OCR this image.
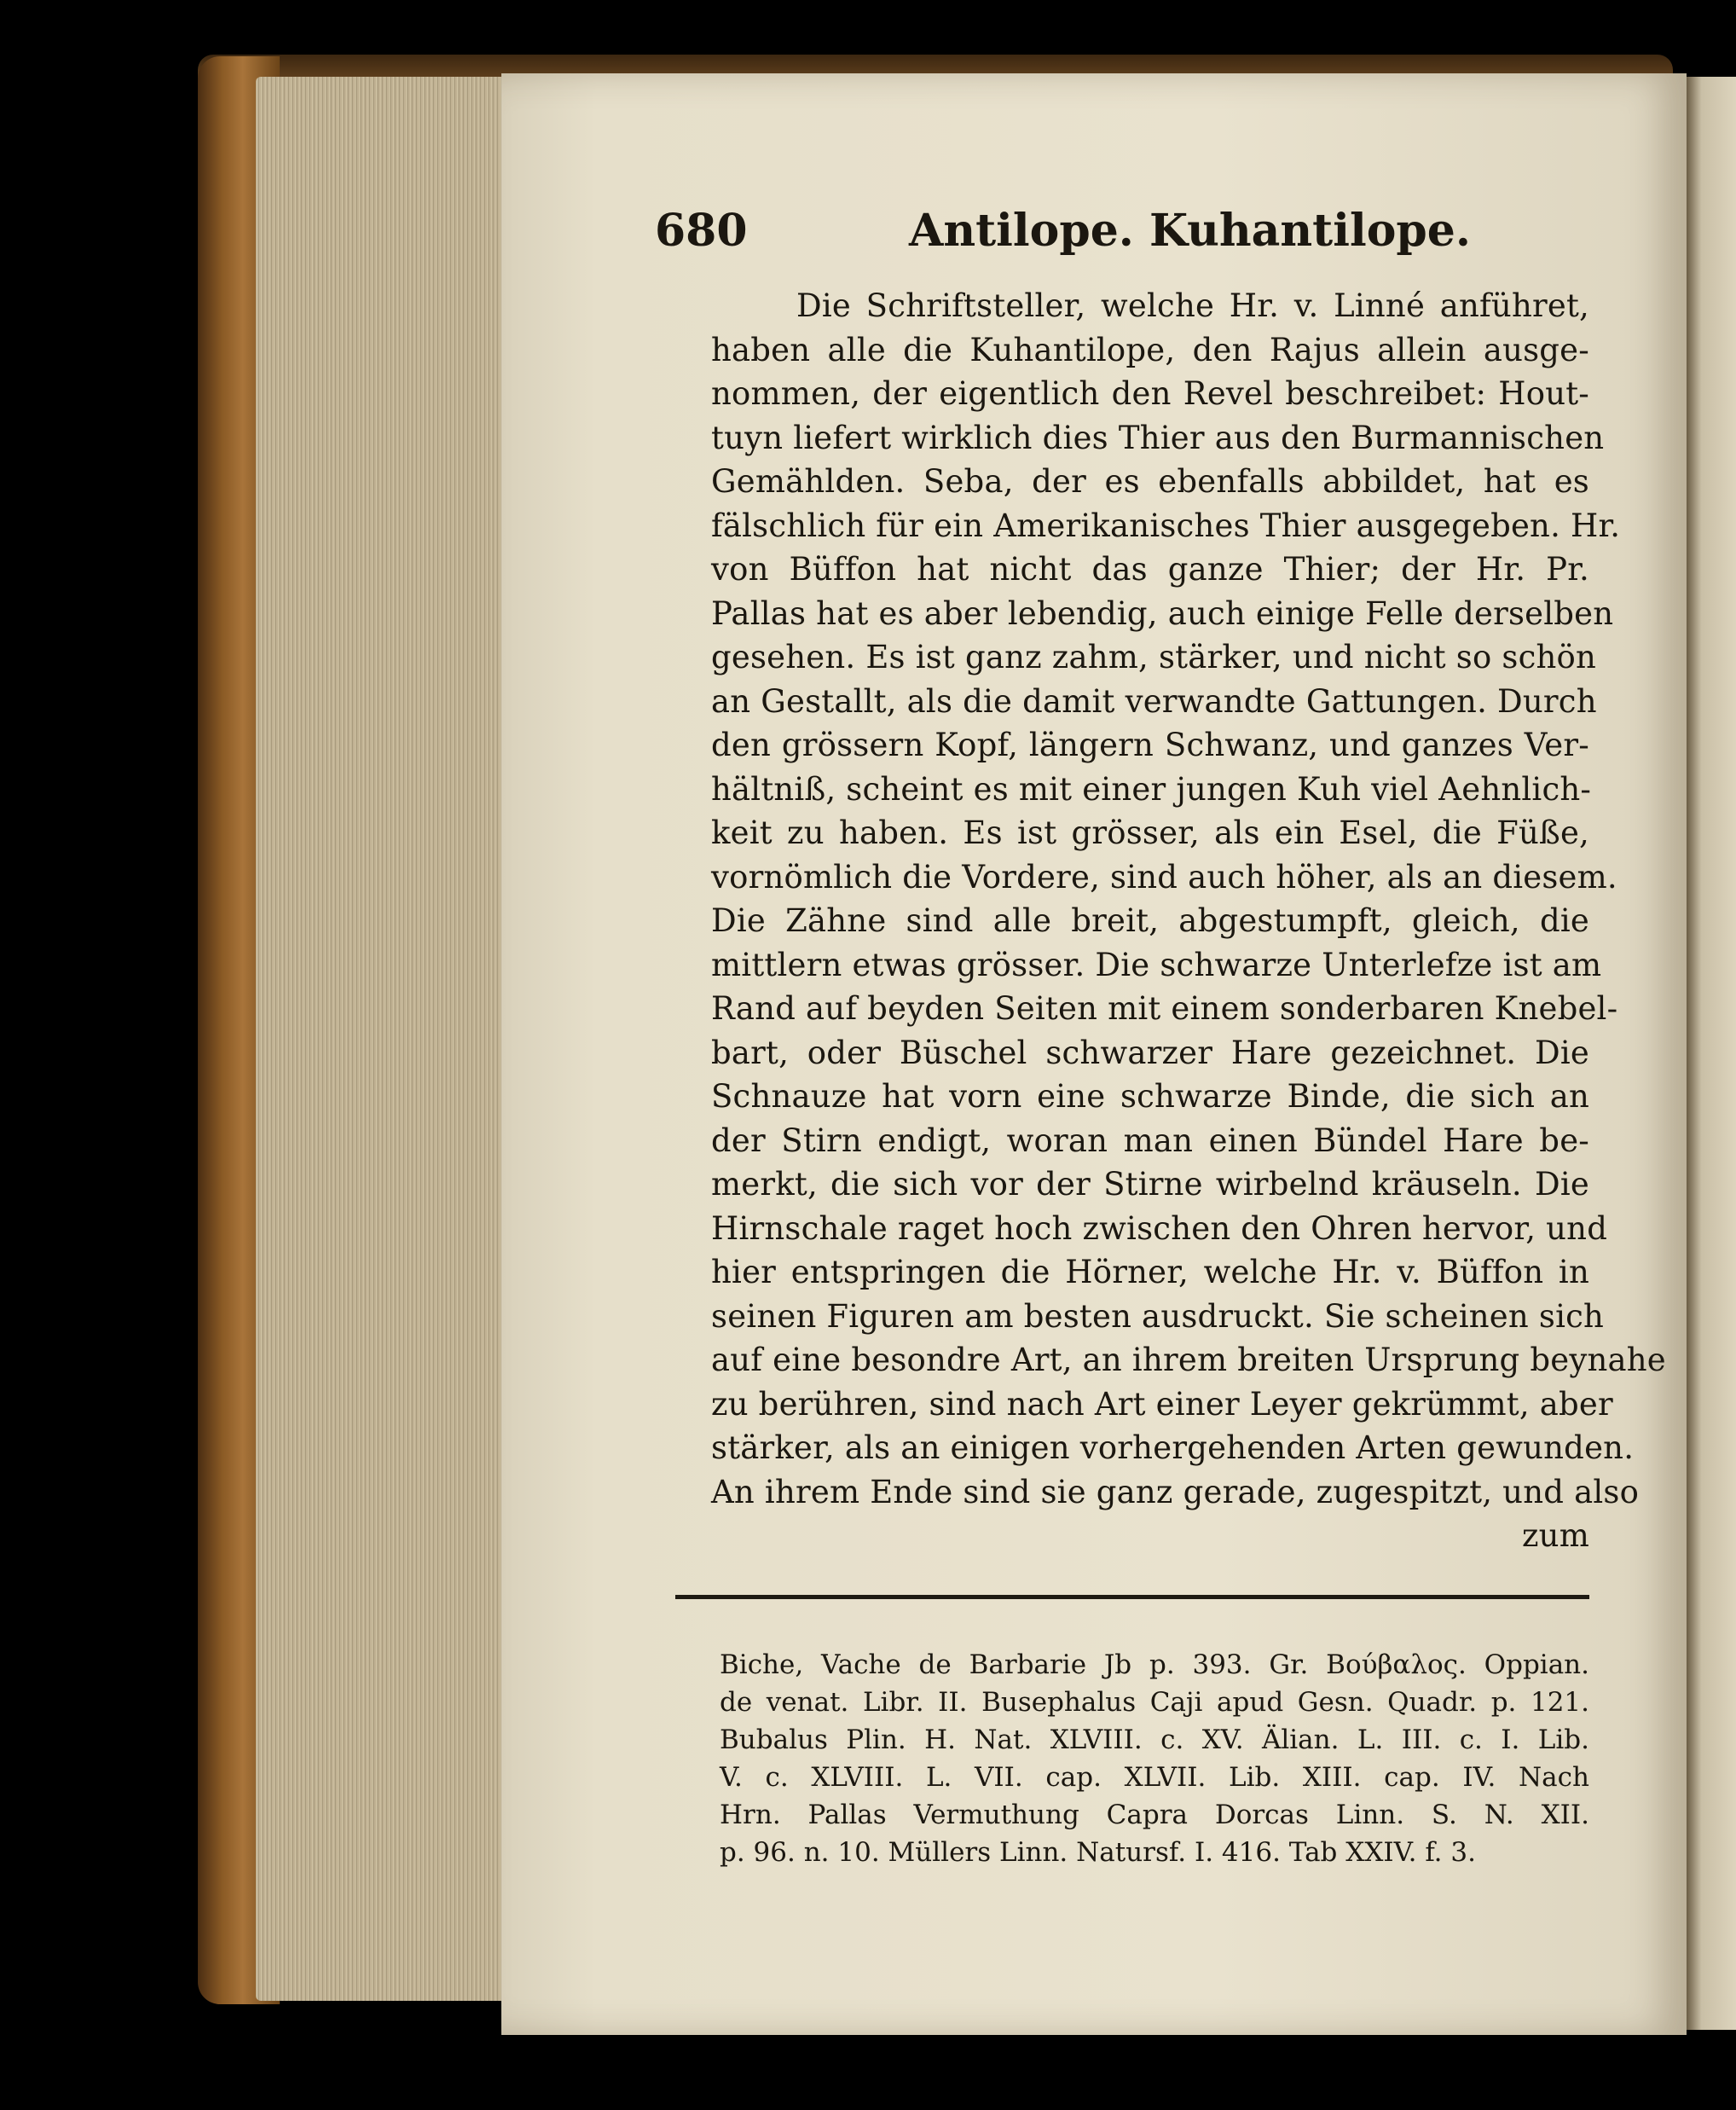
680	Antilope. Kuhantilope.
Die Schriftsteller, welche Hr. v. Linné anführet,
haben alle die Kuhantilope, den Rajus allein ausge-
nommen, der eigentlich den Revel beschreibet: Hout-
tuyn liefert wirklich dies Thier aus den Burmannischen
Gemählden. Seba, der es ebenfalls abbildet, hat es
fälschlich für ein Amerikanisches Thier ausgegeben. Hr.
von Büffon hat nicht das ganze Thier; der Hr. Pr.
Pallas hat es aber lebendig, auch einige Felle derselben
gesehen. Es ist ganz zahm, stärker, und nicht so schön
an Gestallt, als die damit verwandte Gattungen. Durch
den grössern Kopf, längern Schwanz, und ganzes Ver-
hältniß, scheint es mit einer jungen Kuh viel Aehnlich-
keit zu haben. Es ist grösser, als ein Esel, die Füße,
vornömlich die Vordere, sind auch höher, als an diesem.
Die Zähne sind alle breit, abgestumpft, gleich, die
mittlern etwas grösser. Die schwarze Unterlefze ist am
Rand auf beyden Seiten mit einem sonderbaren Knebel-
bart, oder Büschel schwarzer Hare gezeichnet. Die
Schnauze hat vorn eine schwarze Binde, die sich an
der Stirn endigt, woran man einen Bündel Hare be-
merkt, die sich vor der Stirne wirbelnd kräuseln. Die
Hirnschale raget hoch zwischen den Ohren hervor, und
hier entspringen die Hörner, welche Hr. v. Büffon in
seinen Figuren am besten ausdruckt. Sie scheinen sich
auf eine besondre Art, an ihrem breiten Ursprung beynahe
zu berühren, sind nach Art einer Leyer gekrümmt, aber
stärker, als an einigen vorhergehenden Arten gewunden.
An ihrem Ende sind sie ganz gerade, zugespitzt, und also
zum
Biche, Vache de Barbarie Jb p. 393. Gr. Βούβαλος. Oppian.
de venat. Libr. II. Busephalus Caji apud Gesn. Quadr. p. 121.
Bubalus Plin. H. Nat. XLVIII. c. XV. Älian. L. III. c. I. Lib.
V. c. XLVIII. L. VII. cap. XLVII. Lib. XIII. cap. IV. Nach
Hrn. Pallas Vermuthung Capra Dorcas Linn. S. N. XII.
p. 96. n. 10. Müllers Linn. Natursf. I. 416. Tab XXIV. f. 3.
